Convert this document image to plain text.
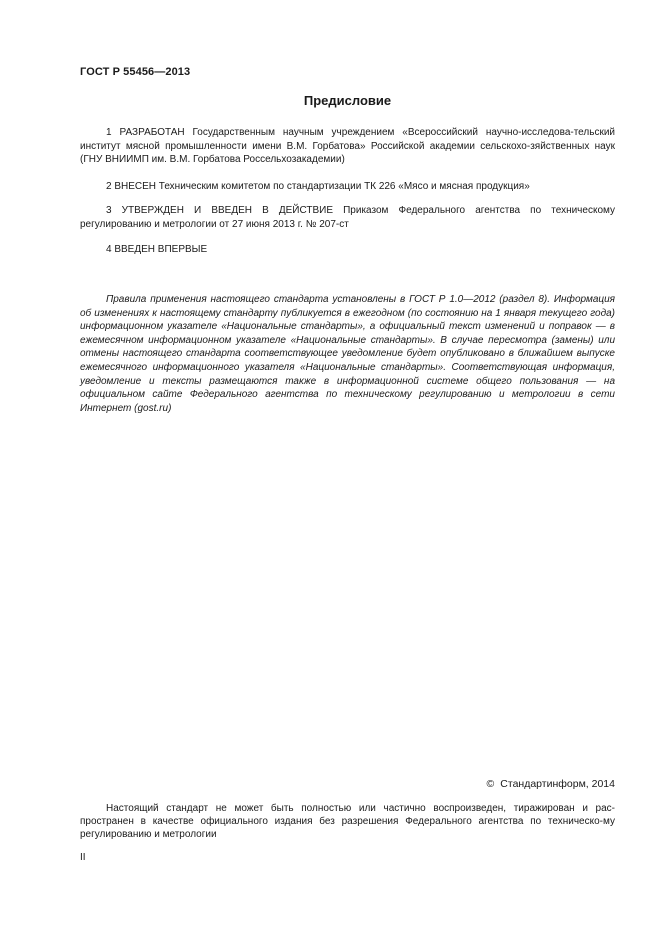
ГОСТ Р 55456—2013
Предисловие

1 РАЗРАБОТАН Государственным научным учреждением «Всероссийский научно-исследова-тельский институт мясной промышленности имени В.М. Горбатова» Российской академии сельскохо-зяйственных наук (ГНУ ВНИИМП им. В.М. Горбатова Россельхозакадемии)

2 ВНЕСЕН Техническим комитетом по стандартизации ТК 226 «Мясо и мясная продукция»

3 УТВЕРЖДЕН И ВВЕДЕН В ДЕЙСТВИЕ Приказом Федерального агентства по техническому регулированию и метрологии от 27 июня 2013 г. № 207-ст

4 ВВЕДЕН ВПЕРВЫЕ

Правила применения настоящего стандарта установлены в ГОСТ Р 1.0—2012 (раздел 8). Информация об изменениях к настоящему стандарту публикуется в ежегодном (по состоянию на 1 января текущего года) информационном указателе «Национальные стандарты», а официальный текст изменений и поправок — в ежемесячном информационном указателе «Национальные стандарты». В случае пересмотра (замены) или отмены настоящего стандарта соответствующее уведомление будет опубликовано в ближайшем выпуске ежемесячного информационного указателя «Национальные стандарты». Соответствующая информация, уведомление и тексты размещаются также в информационной системе общего пользования — на официальном сайте Федерального агентства по техническому регулированию и метрологии в сети Интернет (gost.ru)

© Стандартинформ, 2014

Настоящий стандарт не может быть полностью или частично воспроизведен, тиражирован и рас-пространен в качестве официального издания без разрешения Федерального агентства по техническо-му регулированию и метрологии

II
